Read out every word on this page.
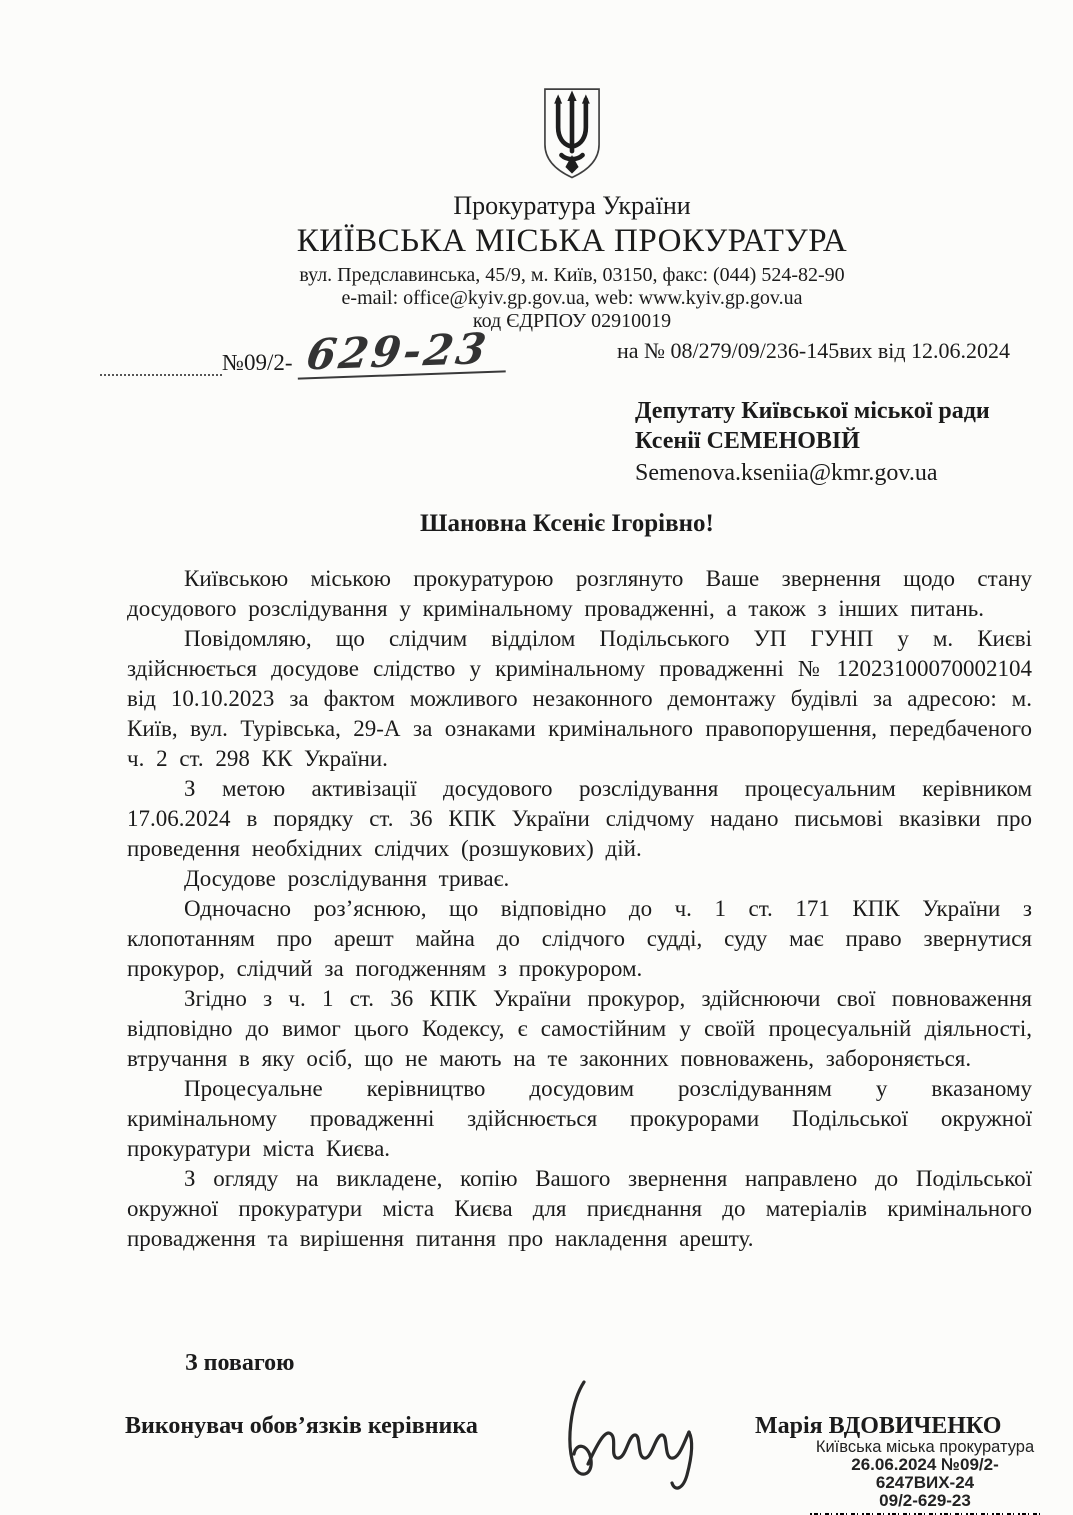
Прокуратура України
КИЇВСЬКА МІСЬКА ПРОКУРАТУРА
вул. Предславинська, 45/9, м. Київ, 03150, факс: (044) 524-82-90
e-mail: office@kyiv.gp.gov.ua, web: www.kyiv.gp.gov.ua
код ЄДРПОУ 02910019
№09/2- 629-23	на № 08/279/09/236-145вих від 12.06.2024
Депутату Київської міської ради
Ксенії СЕМЕНОВІЙ
Semenova.kseniia@kmr.gov.ua
Шановна Ксеніє Ігорівно!

Київською міською прокуратурою розглянуто Ваше звернення щодо стану досудового розслідування у кримінальному провадженні, а також з інших питань.

Повідомляю, що слідчим відділом Подільського УП ГУНП у м. Києві здійснюється досудове слідство у кримінальному провадженні № 12023100070002104 від 10.10.2023 за фактом можливого незаконного демонтажу будівлі за адресою: м. Київ, вул. Турівська, 29-А за ознаками кримінального правопорушення, передбаченого ч. 2 ст. 298 КК України.

З метою активізації досудового розслідування процесуальним керівником 17.06.2024 в порядку ст. 36 КПК України слідчому надано письмові вказівки про проведення необхідних слідчих (розшукових) дій.

Досудове розслідування триває.

Одночасно роз’яснюю, що відповідно до ч. 1 ст. 171 КПК України з клопотанням про арешт майна до слідчого судді, суду має право звернутися прокурор, слідчий за погодженням з прокурором.

Згідно з ч. 1 ст. 36 КПК України прокурор, здійснюючи свої повноваження відповідно до вимог цього Кодексу, є самостійним у своїй процесуальній діяльності, втручання в яку осіб, що не мають на те законних повноважень, забороняється.

Процесуальне керівництво досудовим розслідуванням у вказаному кримінальному провадженні здійснюється прокурорами Подільської окружної прокуратури міста Києва.

З огляду на викладене, копію Вашого звернення направлено до Подільської окружної прокуратури міста Києва для приєднання до матеріалів кримінального провадження та вирішення питання про накладення арешту.

З повагою
Виконувач обов’язків керівника	Марія ВДОВИЧЕНКО
Київська міська прокуратура
26.06.2024 №09/2-6247ВИХ-24
09/2-629-23
